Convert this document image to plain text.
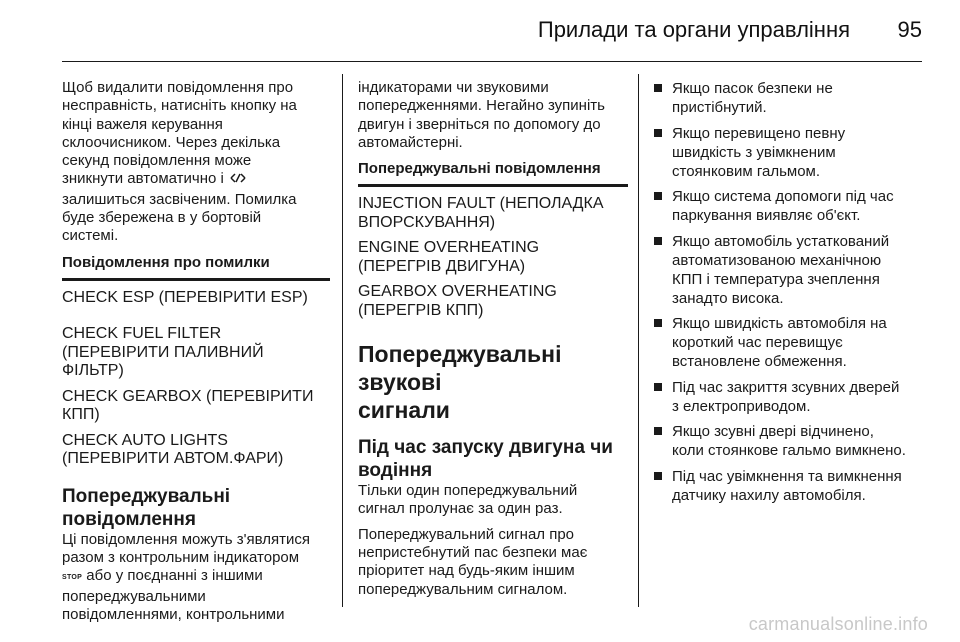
Прилади та органи управління	95

Щоб видалити повідомлення про
несправність, натисніть кнопку на
кінці важеля керування
склоочисником. Через декілька
секунд повідомлення може
зникнути автоматично і
залишиться засвіченим. Помилка
буде збережена в у бортовій
системі.

Повідомлення про помилки

CHECK ESP (ПЕРЕВІРИТИ ESP)

CHECK FUEL FILTER
(ПЕРЕВІРИТИ ПАЛИВНИЙ
ФІЛЬТР)

CHECK GEARBOX (ПЕРЕВІРИТИ
КПП)

CHECK AUTO LIGHTS
(ПЕРЕВІРИТИ АВТОМ.ФАРИ)

Попереджувальні
повідомлення

Ці повідомлення можуть з'являтися
разом з контрольним індикатором
STOP або у поєднанні з іншими
попереджувальними
повідомленнями, контрольними

індикаторами чи звуковими
попередженнями. Негайно зупиніть
двигун і зверніться по допомогу до
автомайстерні.

Попереджувальні повідомлення

INJECTION FAULT (НЕПОЛАДКА
ВПОРСКУВАННЯ)

ENGINE OVERHEATING
(ПЕРЕГРІВ ДВИГУНА)

GEARBOX OVERHEATING
(ПЕРЕГРІВ КПП)

Попереджувальні звукові
сигнали

Під час запуску двигуна чи
водіння

Тільки один попереджувальний
сигнал пролунає за один раз.

Попереджувальний сигнал про
непристебнутий пас безпеки має
пріоритет над будь-яким іншим
попереджувальним сигналом.

Якщо пасок безпеки не
пристібнутий.
Якщо перевищено певну
швидкість з увімкненим
стоянковим гальмом.
Якщо система допомоги під час
паркування виявляє об'єкт.
Якщо автомобіль устаткований
автоматизованою механічною
КПП і температура зчеплення
занадто висока.
Якщо швидкість автомобіля на
короткий час перевищує
встановлене обмеження.
Під час закриття зсувних дверей
з електроприводом.
Якщо зсувні двері відчинено,
коли стоянкове гальмо вимкнено.
Під час увімкнення та вимкнення
датчику нахилу автомобіля.
carmanualsonline.info
